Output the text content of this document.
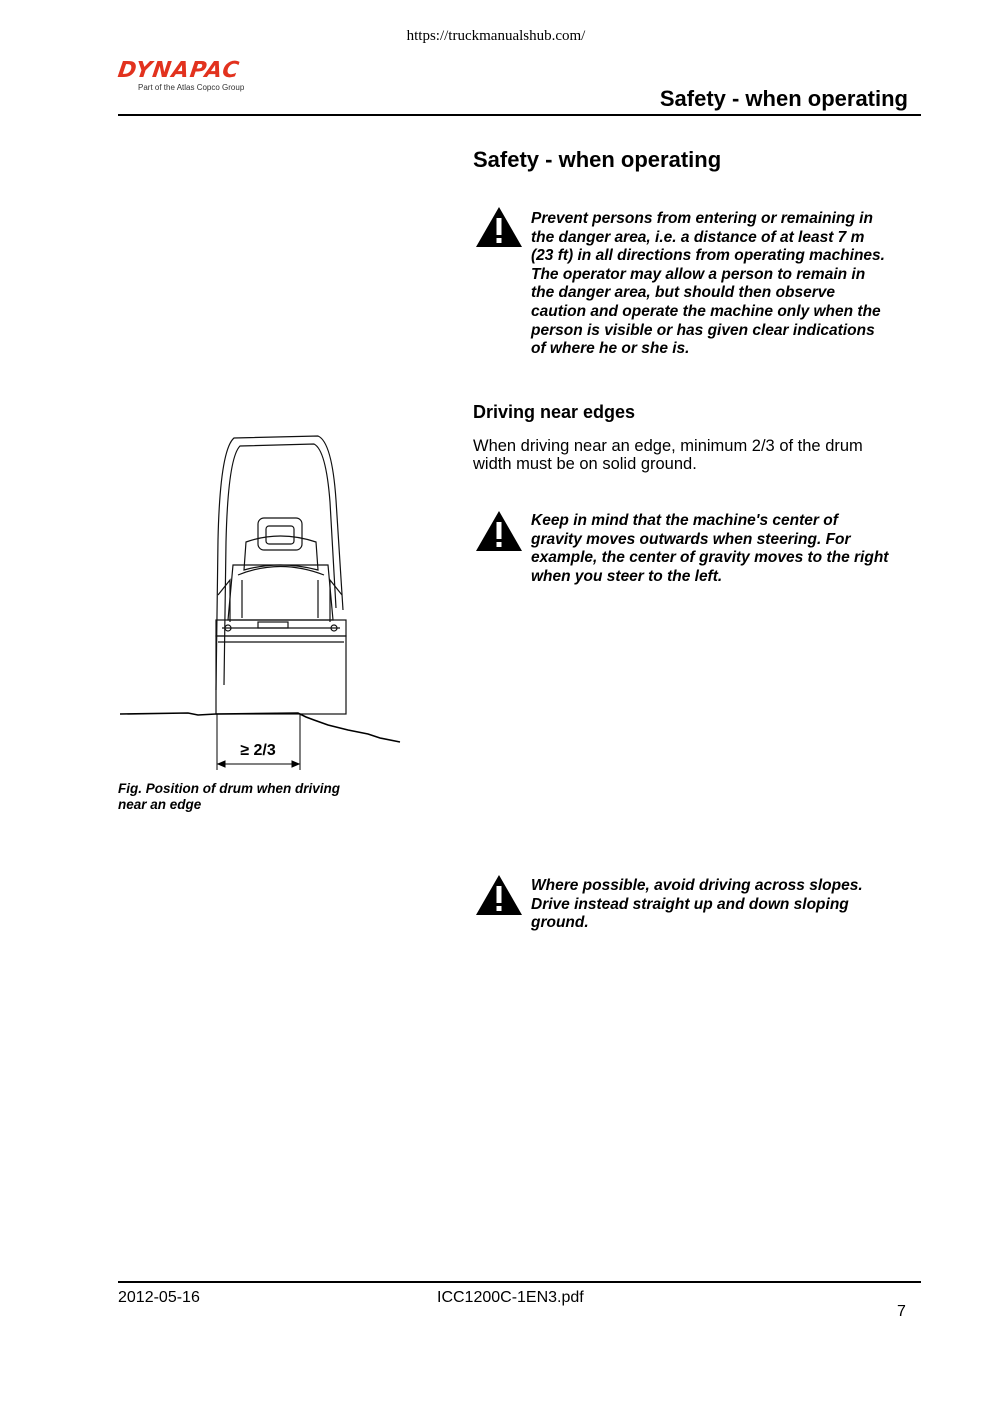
https://truckmanualshub.com/
DYNAPAC
Part of the Atlas Copco Group	Safety - when operating
Safety - when operating
Prevent persons from entering or remaining in
the danger area, i.e. a distance of at least 7 m
(23 ft) in all directions from operating machines.
The operator may allow a person to remain in
the danger area, but should then observe
caution and operate the machine only when the
person is visible or has given clear indications
of where he or she is.
Driving near edges
When driving near an edge, minimum 2/3 of the drum
width must be on solid ground.
Keep in mind that the machine's center of
gravity moves outwards when steering. For
example, the center of gravity moves to the right
when you steer to the left.
≥ 2/3
Fig. Position of drum when driving
near an edge
Where possible, avoid driving across slopes.
Drive instead straight up and down sloping
ground.
2012-05-16	ICC1200C-1EN3.pdf
7
